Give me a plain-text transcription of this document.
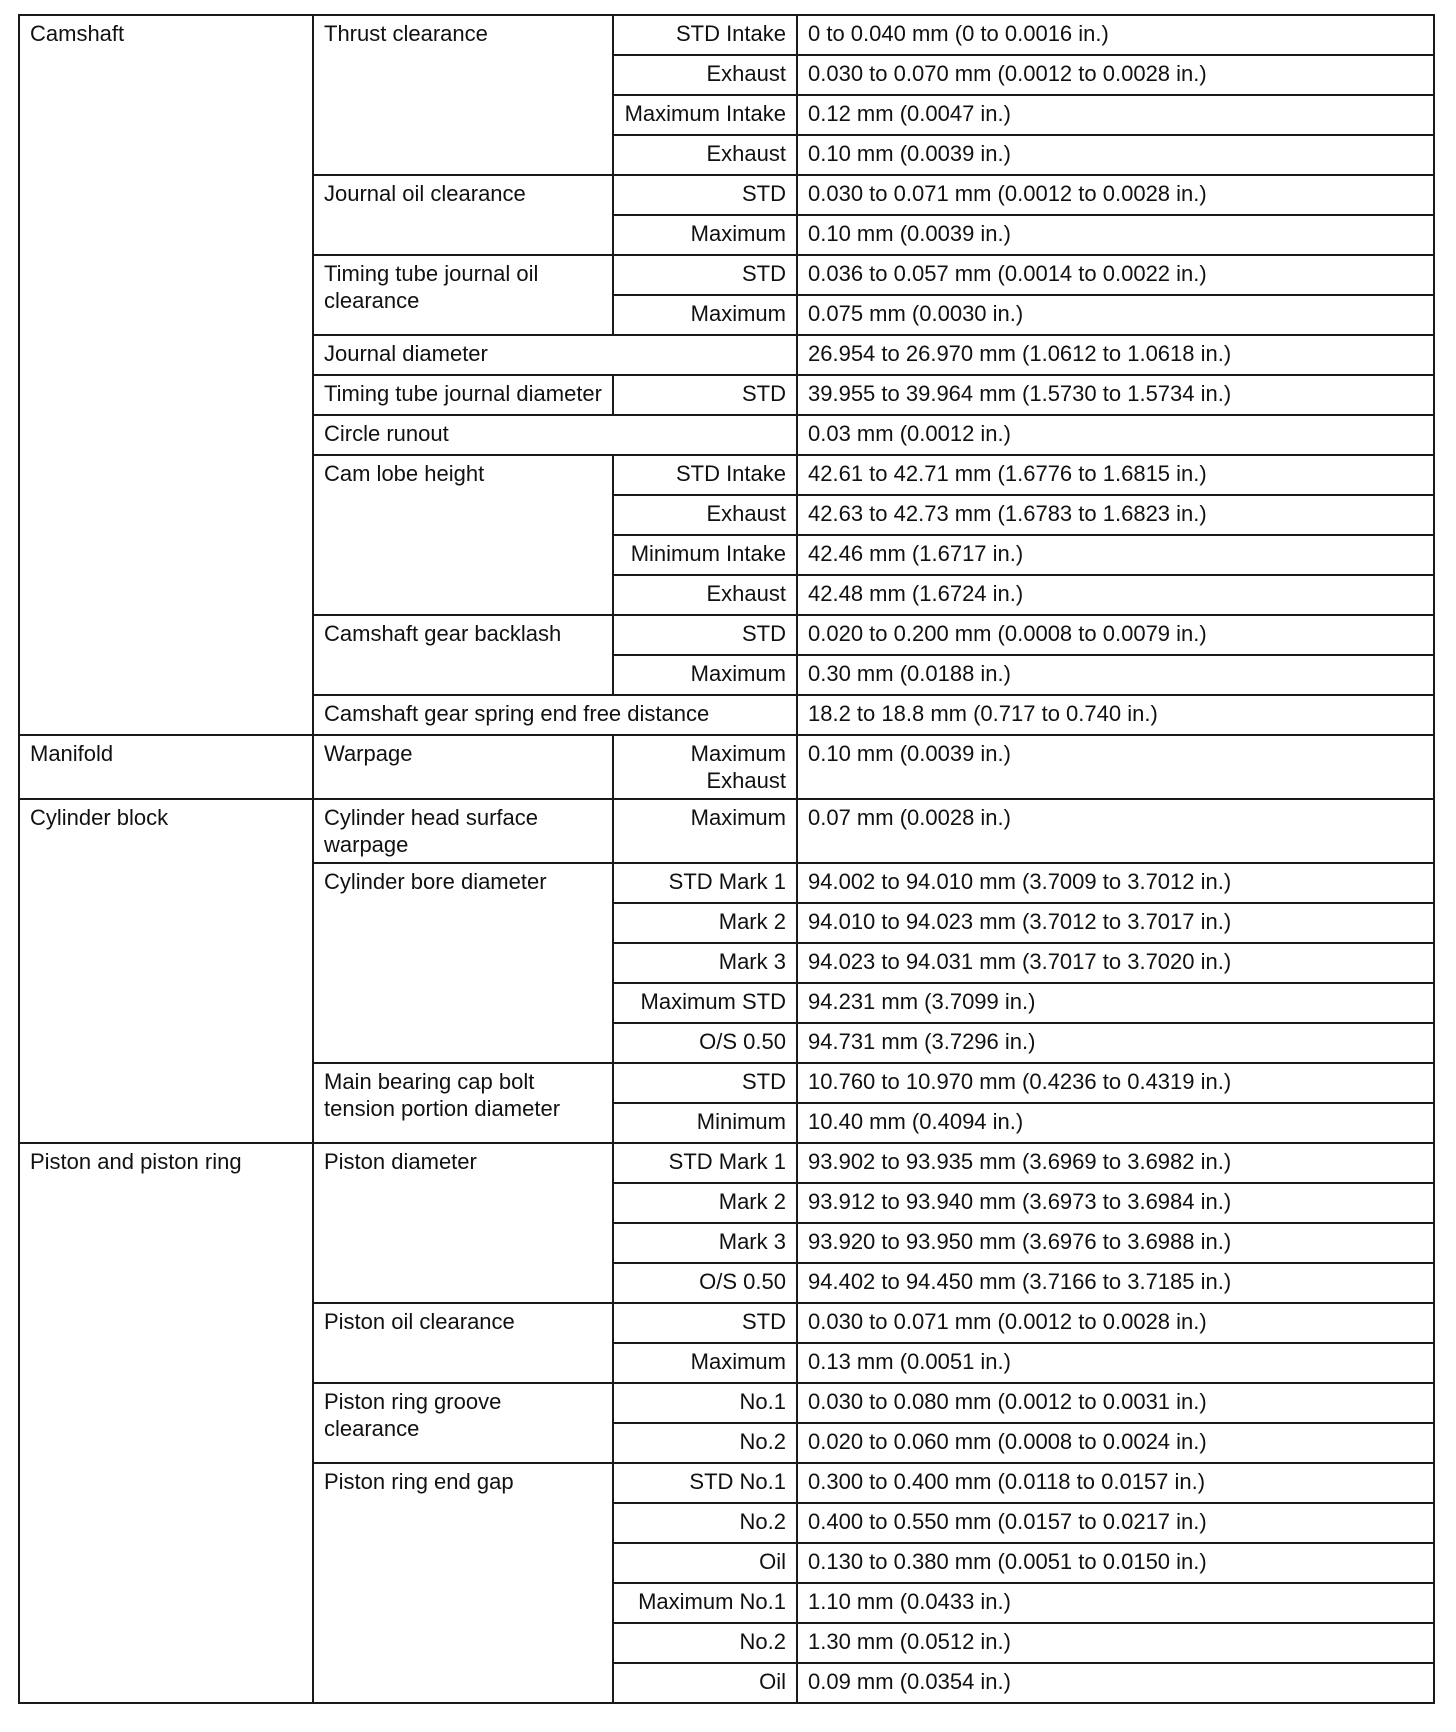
Camshaft	Thrust clearance	STD Intake	0 to 0.040 mm (0 to 0.0016 in.)
		Exhaust	0.030 to 0.070 mm (0.0012 to 0.0028 in.)
		Maximum Intake	0.12 mm (0.0047 in.)
		Exhaust	0.10 mm (0.0039 in.)
	Journal oil clearance	STD	0.030 to 0.071 mm (0.0012 to 0.0028 in.)
		Maximum	0.10 mm (0.0039 in.)
	Timing tube journal oil clearance	STD	0.036 to 0.057 mm (0.0014 to 0.0022 in.)
		Maximum	0.075 mm (0.0030 in.)
	Journal diameter		26.954 to 26.970 mm (1.0612 to 1.0618 in.)
	Timing tube journal diameter	STD	39.955 to 39.964 mm (1.5730 to 1.5734 in.)
	Circle runout		0.03 mm (0.0012 in.)
	Cam lobe height	STD Intake	42.61 to 42.71 mm (1.6776 to 1.6815 in.)
		Exhaust	42.63 to 42.73 mm (1.6783 to 1.6823 in.)
		Minimum Intake	42.46 mm (1.6717 in.)
		Exhaust	42.48 mm (1.6724 in.)
	Camshaft gear backlash	STD	0.020 to 0.200 mm (0.0008 to 0.0079 in.)
		Maximum	0.30 mm (0.0188 in.)
	Camshaft gear spring end free distance		18.2 to 18.8 mm (0.717 to 0.740 in.)
Manifold	Warpage	Maximum Exhaust	0.10 mm (0.0039 in.)
Cylinder block	Cylinder head surface warpage	Maximum	0.07 mm (0.0028 in.)
	Cylinder bore diameter	STD Mark 1	94.002 to 94.010 mm (3.7009 to 3.7012 in.)
		Mark 2	94.010 to 94.023 mm (3.7012 to 3.7017 in.)
		Mark 3	94.023 to 94.031 mm (3.7017 to 3.7020 in.)
		Maximum STD	94.231 mm (3.7099 in.)
		O/S 0.50	94.731 mm (3.7296 in.)
	Main bearing cap bolt tension portion diameter	STD	10.760 to 10.970 mm (0.4236 to 0.4319 in.)
		Minimum	10.40 mm (0.4094 in.)
Piston and piston ring	Piston diameter	STD Mark 1	93.902 to 93.935 mm (3.6969 to 3.6982 in.)
		Mark 2	93.912 to 93.940 mm (3.6973 to 3.6984 in.)
		Mark 3	93.920 to 93.950 mm (3.6976 to 3.6988 in.)
		O/S 0.50	94.402 to 94.450 mm (3.7166 to 3.7185 in.)
	Piston oil clearance	STD	0.030 to 0.071 mm (0.0012 to 0.0028 in.)
		Maximum	0.13 mm (0.0051 in.)
	Piston ring groove clearance	No.1	0.030 to 0.080 mm (0.0012 to 0.0031 in.)
		No.2	0.020 to 0.060 mm (0.0008 to 0.0024 in.)
	Piston ring end gap	STD No.1	0.300 to 0.400 mm (0.0118 to 0.0157 in.)
		No.2	0.400 to 0.550 mm (0.0157 to 0.0217 in.)
		Oil	0.130 to 0.380 mm (0.0051 to 0.0150 in.)
		Maximum No.1	1.10 mm (0.0433 in.)
		No.2	1.30 mm (0.0512 in.)
		Oil	0.09 mm (0.0354 in.)
